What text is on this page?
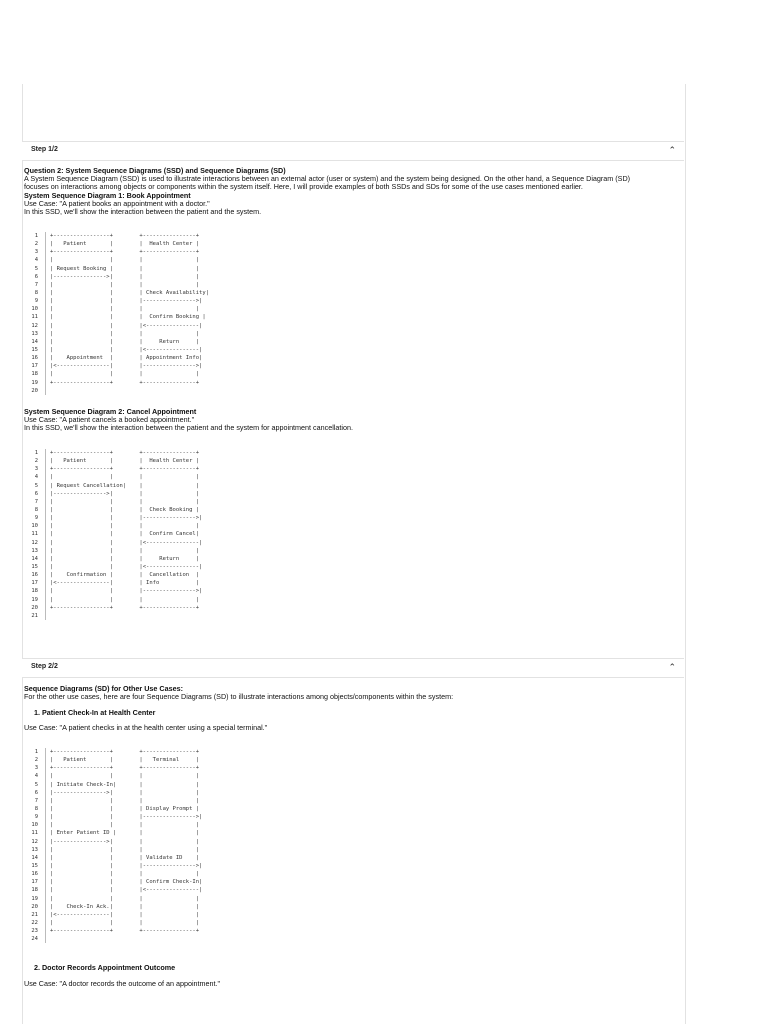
Step 1/2	⌃
Question 2: System Sequence Diagrams (SSD) and Sequence Diagrams (SD)
A System Sequence Diagram (SSD) is used to illustrate interactions between an external actor (user or system) and the system being designed. On the other hand, a Sequence Diagram (SD)
focuses on interactions among objects or components within the system itself. Here, I will provide examples of both SSDs and SDs for some of the use cases mentioned earlier.
System Sequence Diagram 1: Book Appointment
Use Case: "A patient books an appointment with a doctor."
In this SSD, we'll show the interaction between the patient and the system.
1 +-----------------+        +----------------+
2 |   Patient       |        |  Health Center |
3 +-----------------+        +----------------+
4 |                 |        |                |
5 | Request Booking |        |                |
6 |---------------->|        |                |
7 |                 |        |                |
8 |                 |        | Check Availability|
9 |                 |        |---------------->|
10 |                 |        |                |
11 |                 |        |  Confirm Booking |
12 |                 |        |<----------------|
13 |                 |        |                |
14 |                 |        |     Return     |
15 |                 |        |<----------------|
16 |    Appointment  |        | Appointment Info|
17 |<----------------|        |---------------->|
18 |                 |        |                |
19 +-----------------+        +----------------+
20
System Sequence Diagram 2: Cancel Appointment
Use Case: "A patient cancels a booked appointment."
In this SSD, we'll show the interaction between the patient and the system for appointment cancellation.
1 +-----------------+        +----------------+
2 |   Patient       |        |  Health Center |
3 +-----------------+        +----------------+
4 |                 |        |                |
5 | Request Cancellation|    |                |
6 |---------------->|        |                |
7 |                 |        |                |
8 |                 |        |  Check Booking |
9 |                 |        |---------------->|
10 |                 |        |                |
11 |                 |        |  Confirm Cancel|
12 |                 |        |<----------------|
13 |                 |        |                |
14 |                 |        |     Return     |
15 |                 |        |<----------------|
16 |    Confirmation |        |  Cancellation  |
17 |<----------------|        | Info           |
18 |                 |        |---------------->|
19 |                 |        |                |
20 +-----------------+        +----------------+
21
Step 2/2	⌃
Sequence Diagrams (SD) for Other Use Cases:
For the other use cases, here are four Sequence Diagrams (SD) to illustrate interactions among objects/components within the system:
1. Patient Check-In at Health Center
Use Case: "A patient checks in at the health center using a special terminal."
1 +-----------------+        +----------------+
2 |   Patient       |        |   Terminal     |
3 +-----------------+        +----------------+
4 |                 |        |                |
5 | Initiate Check-In|       |                |
6 |---------------->|        |                |
7 |                 |        |                |
8 |                 |        | Display Prompt |
9 |                 |        |---------------->|
10 |                 |        |                |
11 | Enter Patient ID |       |                |
12 |---------------->|        |                |
13 |                 |        |                |
14 |                 |        | Validate ID    |
15 |                 |        |---------------->|
16 |                 |        |                |
17 |                 |        | Confirm Check-In|
18 |                 |        |<----------------|
19 |                 |        |                |
20 |    Check-In Ack.|        |                |
21 |<----------------|        |                |
22 |                 |        |                |
23 +-----------------+        +----------------+
24
2. Doctor Records Appointment Outcome
Use Case: "A doctor records the outcome of an appointment."
